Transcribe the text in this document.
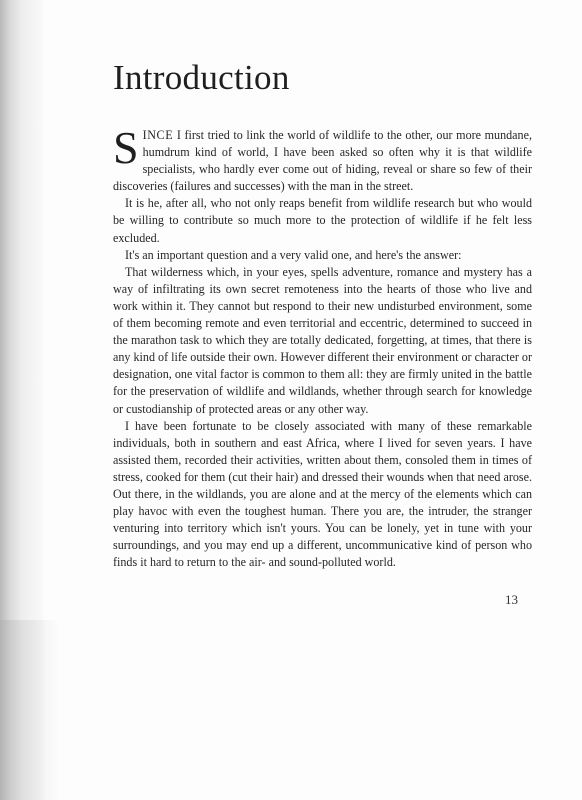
Introduction

SINCE I first tried to link the world of wildlife to the other, our more mundane, humdrum kind of world, I have been asked so often why it is that wildlife specialists, who hardly ever come out of hiding, reveal or share so few of their discoveries (failures and successes) with the man in the street.

It is he, after all, who not only reaps benefit from wildlife research but who would be willing to contribute so much more to the protection of wildlife if he felt less excluded.

It's an important question and a very valid one, and here's the answer:

That wilderness which, in your eyes, spells adventure, romance and mystery has a way of infiltrating its own secret remoteness into the hearts of those who live and work within it. They cannot but respond to their new undisturbed environment, some of them becoming remote and even territorial and eccentric, determined to succeed in the marathon task to which they are totally dedicated, forgetting, at times, that there is any kind of life outside their own. However different their environment or character or designation, one vital factor is common to them all: they are firmly united in the battle for the preservation of wildlife and wildlands, whether through search for knowledge or custodianship of protected areas or any other way.

I have been fortunate to be closely associated with many of these remarkable individuals, both in southern and east Africa, where I lived for seven years. I have assisted them, recorded their activities, written about them, consoled them in times of stress, cooked for them (cut their hair) and dressed their wounds when that need arose. Out there, in the wildlands, you are alone and at the mercy of the elements which can play havoc with even the toughest human. There you are, the intruder, the stranger venturing into territory which isn't yours. You can be lonely, yet in tune with your surroundings, and you may end up a different, uncommunicative kind of person who finds it hard to return to the air- and sound-polluted world.

13
